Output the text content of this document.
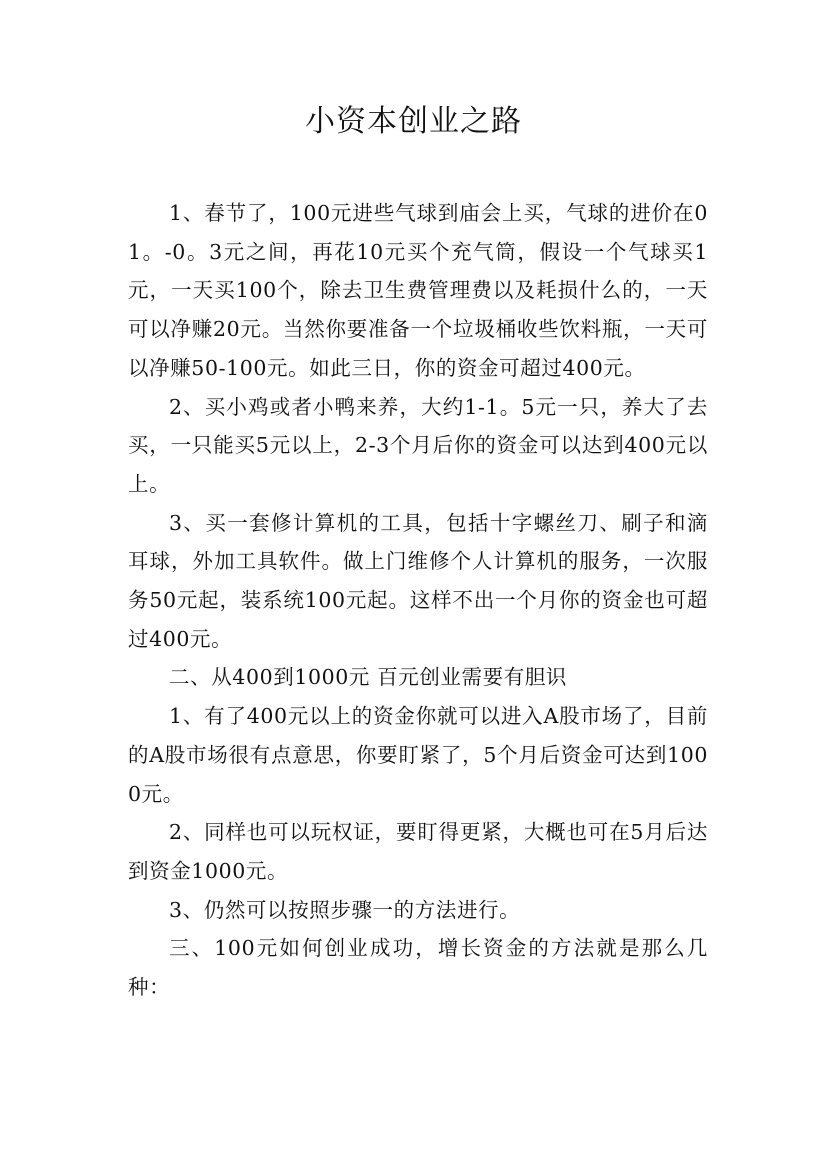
小资本创业之路

1、春节了，100元进些气球到庙会上买，气球的进价在01。-0。3元之间，再花10元买个充气筒，假设一个气球买1元，一天买100个，除去卫生费管理费以及耗损什么的，一天可以净赚20元。当然你要准备一个垃圾桶收些饮料瓶，一天可以净赚50-100元。如此三日，你的资金可超过400元。

2、买小鸡或者小鸭来养，大约1-1。5元一只，养大了去买，一只能买5元以上，2-3个月后你的资金可以达到400元以上。

3、买一套修计算机的工具，包括十字螺丝刀、刷子和滴耳球，外加工具软件。做上门维修个人计算机的服务，一次服务50元起，装系统100元起。这样不出一个月你的资金也可超过400元。

二、从400到1000元 百元创业需要有胆识

1、有了400元以上的资金你就可以进入A股市场了，目前的A股市场很有点意思，你要盯紧了，5个月后资金可达到1000元。

2、同样也可以玩权证，要盯得更紧，大概也可在5月后达到资金1000元。

3、仍然可以按照步骤一的方法进行。

三、100元如何创业成功，增长资金的方法就是那么几种：
